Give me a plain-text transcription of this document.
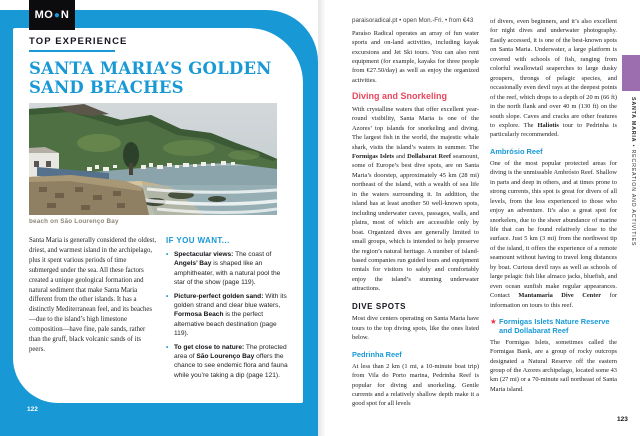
MO ● N
TOP EXPERIENCE
SANTA MARIA’S GOLDEN SAND BEACHES
beach on São Lourenço Bay
Santa Maria is generally considered the oldest, driest, and warmest island in the archipelago, plus it spent various periods of time submerged under the sea. All these factors created a unique geological formation and natural sediment that make Santa Maria different from the other islands. It has a distinctly Mediterranean feel, and its beaches—due to the island’s high limestone composition—have fine, pale sands, rather than the gruff, black volcanic sands of its peers.
IF YOU WANT...
• Spectacular views: The coast of Angels’ Bay is shaped like an amphitheater, with a natural pool the star of the show (page 119).
• Picture-perfect golden sand: With its golden strand and clear blue waters, Formosa Beach is the perfect alternative beach destination (page 119).
• To get close to nature: The protected area of São Lourenço Bay offers the chance to see endemic flora and fauna while you’re taking a dip (page 121).
122
paraisoradical.pt • open Mon.-Fri. • from €43
Paraíso Radical operates an array of fun water sports and on-land activities, including kayak excursions and Jet Ski tours. You can also rent equipment (for example, kayaks for three people from €27.50/day) as well as enjoy the organized activities.
Diving and Snorkeling
With crystalline waters that offer excellent year-round visibility, Santa Maria is one of the Azores’ top islands for snorkeling and diving. The largest fish in the world, the majestic whale shark, visits the island’s waters in summer. The Formigas Islets and Dollabarat Reef seamount, some of Europe’s best dive spots, are on Santa Maria’s doorstep, approximately 45 km (28 mi) northeast of the island, with a wealth of sea life in the waters surrounding it. In addition, the island has at least another 50 well-known spots, including underwater caves, passages, walls, and plains, most of which are accessible only by boat. Organized dives are generally limited to small groups, which is intended to help preserve the region’s natural heritage. A number of island-based companies run guided tours and equipment rentals for visitors to safely and comfortably enjoy the island’s stunning underwater attractions.
DIVE SPOTS
Most dive centers operating on Santa Maria have tours to the top diving spots, like the ones listed below.
Pedrinha Reef
At less than 2 km (1 mi, a 10-minute boat trip) from Vila do Porto marina, Pedrinha Reef is popular for diving and snorkeling. Gentle currents and a relatively shallow depth make it a good spot for all levels
of divers, even beginners, and it’s also excellent for night dives and underwater photography. Easily accessed, it is one of the best-known spots on Santa Maria. Underwater, a large platform is covered with schools of fish, ranging from colorful swallowtail seaperches to large dusky groupers, throngs of pelagic species, and occasionally even devil rays at the deepest points of the reef, which drops to a depth of 20 m (66 ft) in the north flank and over 40 m (130 ft) on the south slope. Caves and cracks are other features to explore. The Haliotis tour to Pedrinha is particularly recommended.
Ambrósio Reef
One of the most popular protected areas for diving is the unmissable Ambrósio Reef. Shallow in parts and deep in others, and at times prone to strong currents, this spot is great for divers of all levels, from the less experienced to those who enjoy an adventure. It’s also a great spot for snorkelers, due to the sheer abundance of marine life that can be found relatively close to the surface. Just 5 km (3 mi) from the northwest tip of the island, it offers the experience of a remote seamount without having to travel long distances by boat. Curious devil rays as well as schools of large pelagic fish like almaco jacks, bluefish, and even ocean sunfish make regular appearances. Contact Mantamaria Dive Center for information on tours to this reef.
★ Formigas Islets Nature Reserve and Dollabarat Reef
The Formigas Islets, sometimes called the Formigas Bank, are a group of rocky outcrops designated a Natural Reserve off the eastern group of the Azores archipelago, located some 43 km (27 mi) or a 70-minute sail northeast of Santa Maria island.
SANTA MARIA • RECREATION AND ACTIVITIES
123
